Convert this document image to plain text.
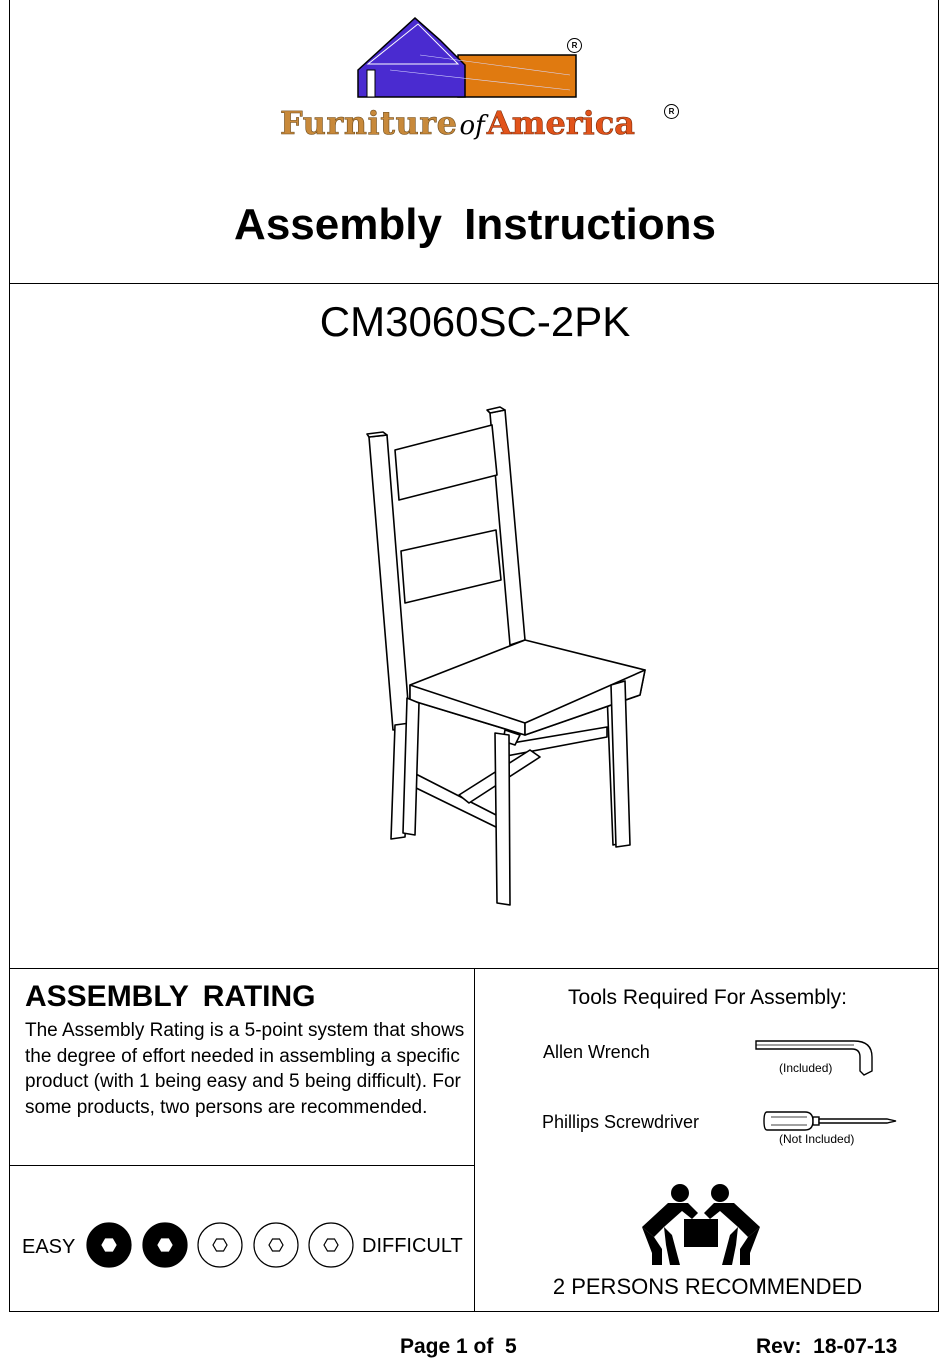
R
FurnitureofAmerica	R
Assembly Instructions
CM3060SC-2PK
ASSEMBLY RATING
The Assembly Rating is a 5-point system that shows the degree of effort needed in assembling a specific product (with 1 being easy and 5 being difficult). For some products, two persons are recommended.
EASY	DIFFICULT
Tools Required For Assembly:
Allen Wrench
(Included)
Phillips Screwdriver
(Not Included)
2 PERSONS RECOMMENDED
Page 1 of  5	Rev:  18-07-13
